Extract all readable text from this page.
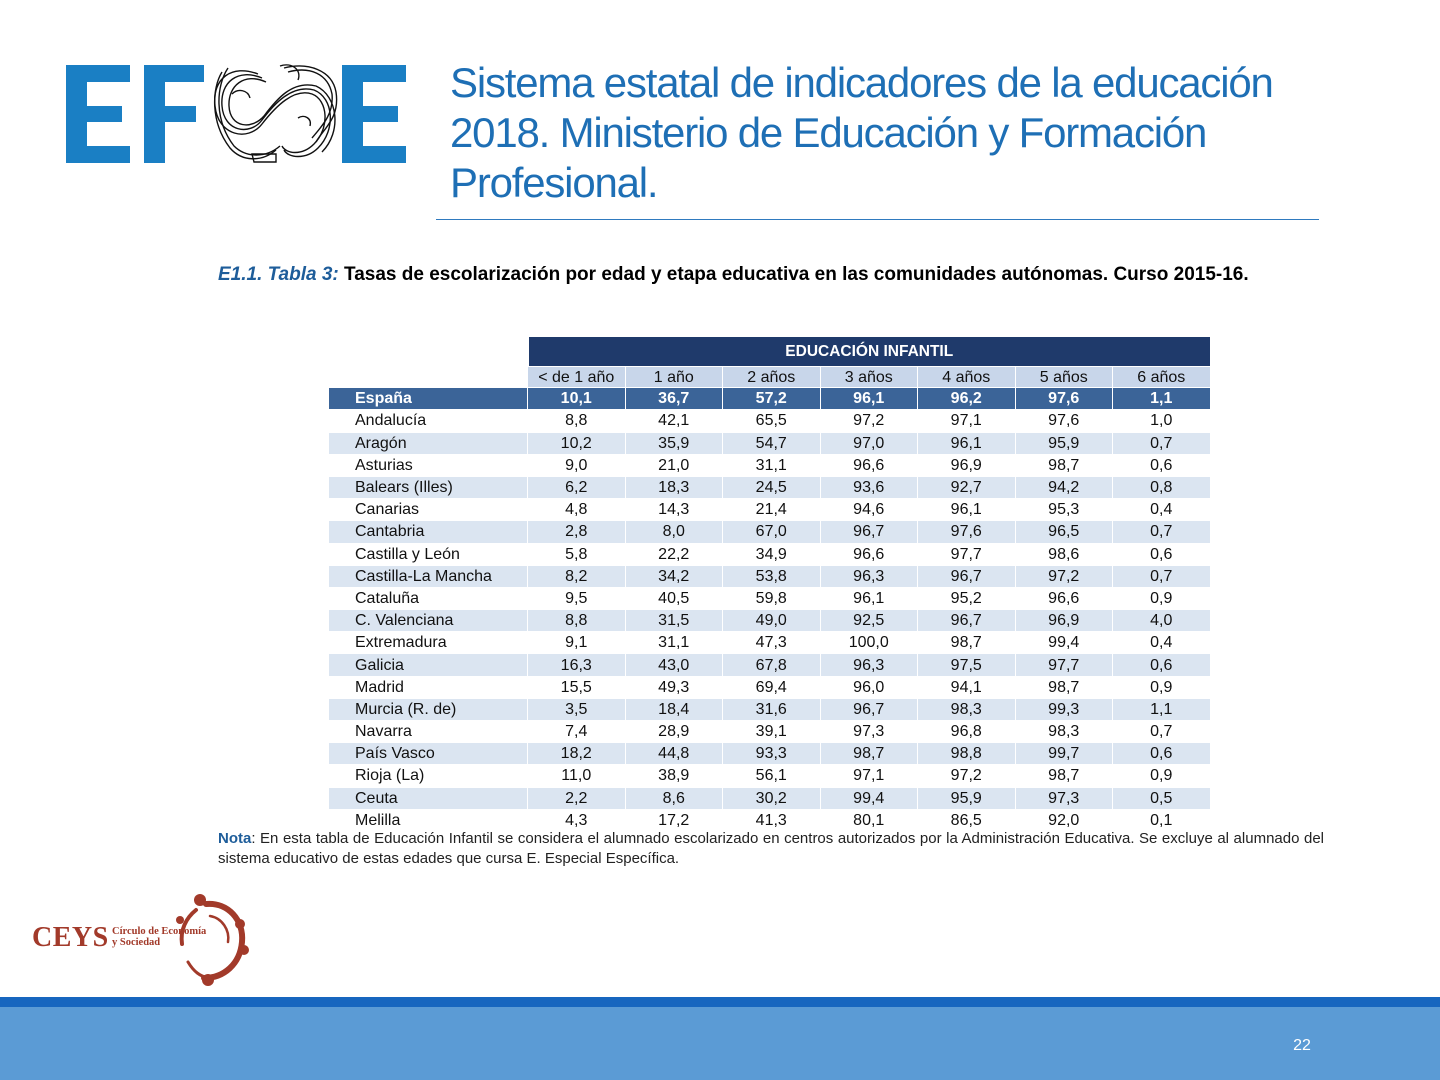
Sistema estatal de indicadores de la educación 2018. Ministerio de Educación y Formación Profesional.
E1.1. Tabla 3: Tasas de escolarización por edad y etapa educativa en las comunidades autónomas. Curso 2015-16.
	EDUCACIÓN INFANTIL						
	< de 1 año	1 año	2 años	3 años	4 años	5 años	6 años
España	10,1	36,7	57,2	96,1	96,2	97,6	1,1
Andalucía	8,8	42,1	65,5	97,2	97,1	97,6	1,0
Aragón	10,2	35,9	54,7	97,0	96,1	95,9	0,7
Asturias	9,0	21,0	31,1	96,6	96,9	98,7	0,6
Balears (Illes)	6,2	18,3	24,5	93,6	92,7	94,2	0,8
Canarias	4,8	14,3	21,4	94,6	96,1	95,3	0,4
Cantabria	2,8	8,0	67,0	96,7	97,6	96,5	0,7
Castilla y León	5,8	22,2	34,9	96,6	97,7	98,6	0,6
Castilla-La Mancha	8,2	34,2	53,8	96,3	96,7	97,2	0,7
Cataluña	9,5	40,5	59,8	96,1	95,2	96,6	0,9
C. Valenciana	8,8	31,5	49,0	92,5	96,7	96,9	4,0
Extremadura	9,1	31,1	47,3	100,0	98,7	99,4	0,4
Galicia	16,3	43,0	67,8	96,3	97,5	97,7	0,6
Madrid	15,5	49,3	69,4	96,0	94,1	98,7	0,9
Murcia (R. de)	3,5	18,4	31,6	96,7	98,3	99,3	1,1
Navarra	7,4	28,9	39,1	97,3	96,8	98,3	0,7
País Vasco	18,2	44,8	93,3	98,7	98,8	99,7	0,6
Rioja (La)	11,0	38,9	56,1	97,1	97,2	98,7	0,9
Ceuta	2,2	8,6	30,2	99,4	95,9	97,3	0,5
Melilla	4,3	17,2	41,3	80,1	86,5	92,0	0,1
Nota: En esta tabla de Educación Infantil se considera el alumnado escolarizado en centros autorizados por la Administración Educativa. Se excluye al alumnado del sistema educativo de estas edades que cursa E. Especial Específica.
CEYS Círculo de Economía
y Sociedad
22
